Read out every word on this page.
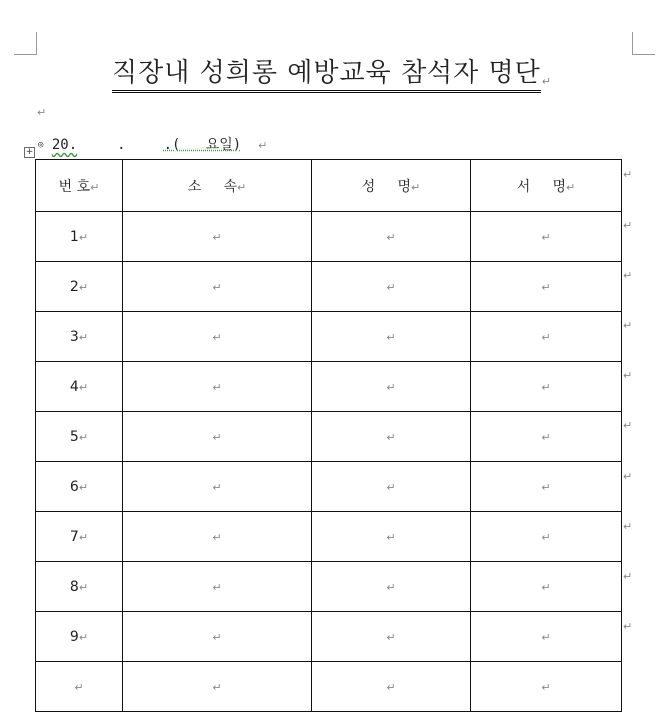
직장내 성희롱 예방교육 참석자 명단↵
↵
+
◎ 20.	.	.(   요일) ↵
번 호↵	소     속↵	성     명↵	서     명↵
1↵	↵	↵	↵
2↵	↵	↵	↵
3↵	↵	↵	↵
4↵	↵	↵	↵
5↵	↵	↵	↵
6↵	↵	↵	↵
7↵	↵	↵	↵
8↵	↵	↵	↵
9↵	↵	↵	↵
↵	↵	↵	↵
↵
↵
↵
↵
↵
↵
↵
↵
↵
↵
